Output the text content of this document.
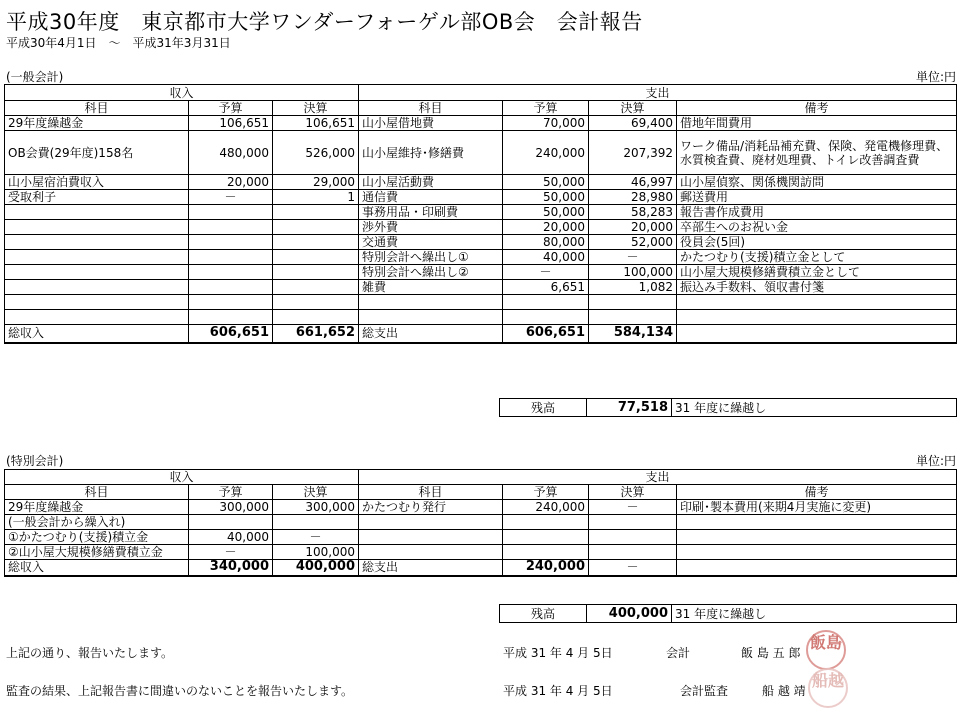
平成30年度　東京都市大学ワンダーフォーゲル部OB会　会計報告
平成30年4月1日　～　平成31年3月31日
(一般会計)	単位:円
収入			支出			
科目	予算	決算	科目	予算	決算	備考
29年度繰越金	106,651	106,651	山小屋借地費	70,000	69,400	借地年間費用
OB会費(29年度)158名	480,000	526,000	山小屋維持･修繕費	240,000	207,392	ワーク備品/消耗品補充費、保険、発電機修理費、水質検査費、廃材処理費、トイレ改善調査費
山小屋宿泊費収入	20,000	29,000	山小屋活動費	50,000	46,997	山小屋偵察、関係機関訪問
受取利子	－	1	通信費	50,000	28,980	郵送費用
			事務用品・印刷費	50,000	58,283	報告書作成費用
			渉外費	20,000	20,000	卒部生へのお祝い金
			交通費	80,000	52,000	役員会(5回)
			特別会計へ繰出し①	40,000	－	かたつむり(支援)積立金として
			特別会計へ繰出し②	－	100,000	山小屋大規模修繕費積立金として
			雑費	6,651	1,082	振込み手数料、領収書付箋

総収入	606,651	661,652	総支出	606,651	584,134	
残高	77,518	31 年度に繰越し
(特別会計)	単位:円
収入			支出			
科目	予算	決算	科目	予算	決算	備考
29年度繰越金	300,000	300,000	かたつむり発行	240,000	－	印刷･製本費用(来期4月実施に変更)
(一般会計から繰入れ)						
①かたつむり(支援)積立金	40,000	－				
②山小屋大規模修繕費積立金	－	100,000				
総収入	340,000	400,000	総支出	240,000	－	
残高	400,000	31 年度に繰越し
上記の通り、報告いたします。	平成 31 年 4 月 5日	会計	飯 島 五 郎
飯島
監査の結果、上記報告書に間違いのないことを報告いたします。	平成 31 年 4 月 5日	会計監査	船 越 靖
船越
